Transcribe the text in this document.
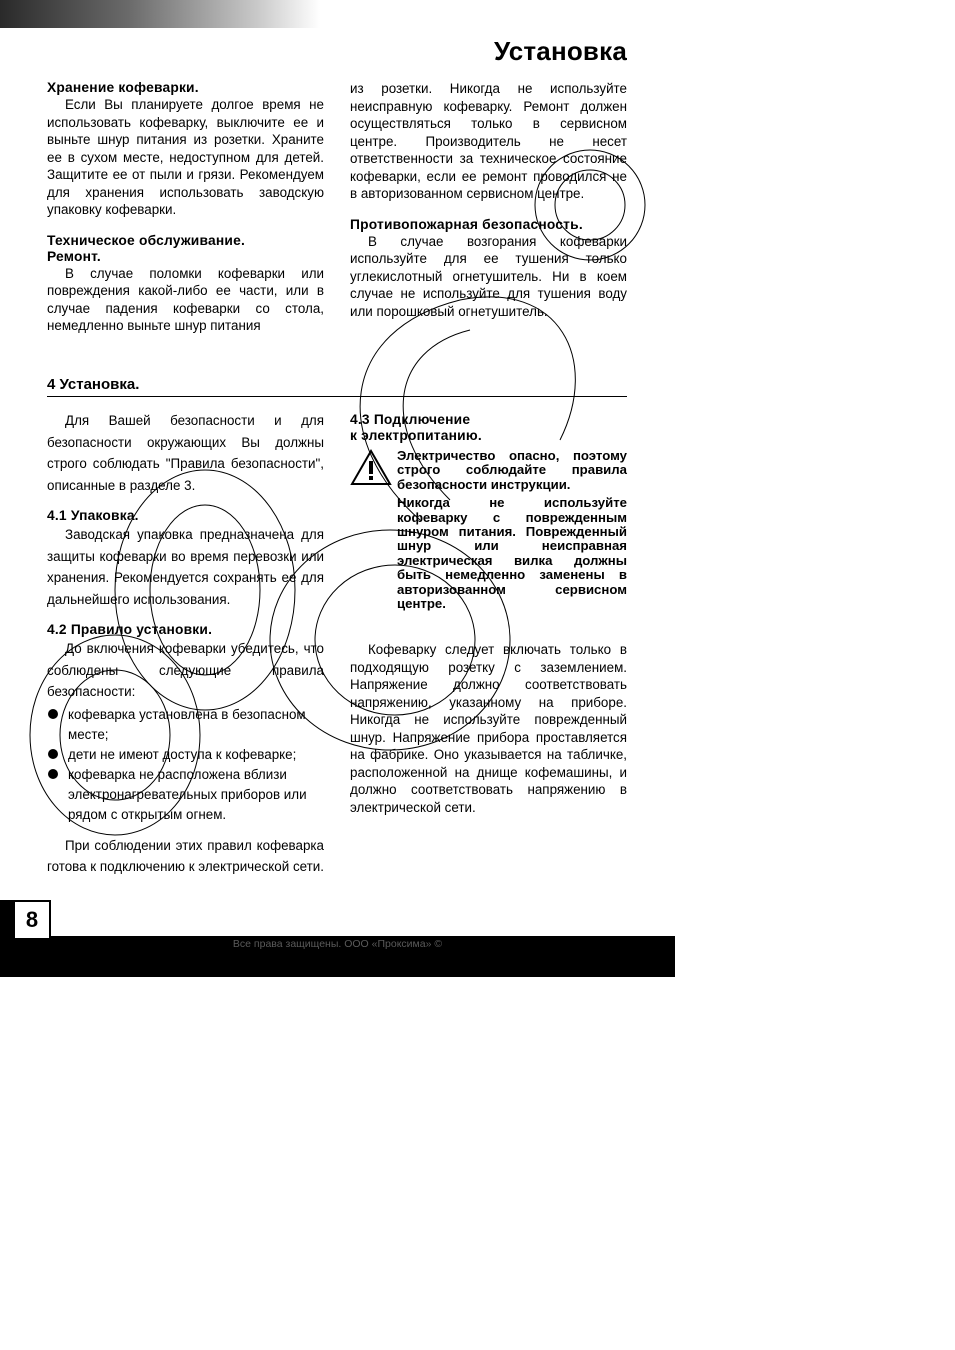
Установка
Хранение кофеварки.

Если Вы планируете долгое время не использовать кофеварку, выключите ее и выньте шнур питания из розетки. Храните ее в сухом месте, недоступном для детей. Защитите ее от пыли и грязи. Рекомендуем для хранения использовать заводскую упаковку кофеварки.

Техническое обслуживание.
Ремонт.

В случае поломки кофеварки или повреждения какой-либо ее части, или в случае падения кофеварки со стола, немедленно выньте шнур питания

из розетки. Никогда не используйте неисправную кофеварку. Ремонт должен осуществляться только в сервисном центре. Производитель не несет ответственности за техническое состояние кофеварки, если ее ремонт проводился не в авторизованном сервисном центре.

Противопожарная безопасность.

В случае возгорания кофеварки используйте для ее тушения только углекислотный огнетушитель. Ни в коем случае не используйте для тушения воду или порошковый огнетушитель.

4 Установка.

Для Вашей безопасности и для безопасности окружающих Вы должны строго соблюдать "Правила безопасности", описанные в разделе 3.

4.1 Упаковка.

Заводская упаковка предназначена для защиты кофеварки во время перевозки или хранения. Рекомендуется сохранять ее для дальнейшего использования.

4.2 Правило установки.

До включения кофеварки убедитесь, что соблюдены следующие правила безопасности:

кофеварка установлена в безопасном месте;
дети не имеют доступа к кофеварке;
кофеварка не расположена вблизи электронагревательных приборов или рядом с открытым огнем.

При соблюдении этих правил кофеварка готова к подключению к электрической сети.

4.3 Подключение
к электропитанию.

Электричество опасно, поэтому строго соблюдайте правила безопасности инструкции.

Никогда не используйте кофеварку с поврежденным шнуром питания. Поврежденный шнур или неисправная электрическая вилка должны быть немедленно заменены в авторизованном сервисном центре.

Кофеварку следует включать только в подходящую розетку с заземлением. Напряжение должно соответствовать напряжению, указанному на приборе. Никогда не используйте поврежденный шнур. Напряжение прибора проставляется на фабрике. Оно указывается на табличке, расположенной на днище кофемашины, и должно соответствовать напряжению в электрической сети.

Все права защищены. ООО «Проксима» ©
8
